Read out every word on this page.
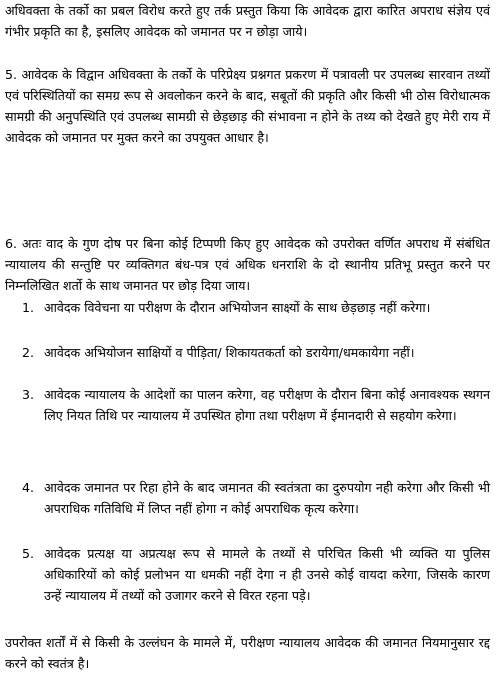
अधिवक्ता के तर्को का प्रबल विरोध करते हुए तर्क प्रस्तुत किया कि आवेदक द्वारा कारित अपराध संज्ञेय एवं गंभीर प्रकृति का है, इसलिए आवेदक को जमानत पर न छोड़ा जाये।

5. आवेदक के विद्वान अधिवक्ता के तर्को के परिप्रेक्ष्य प्रश्नगत प्रकरण में पत्रावली पर उपलब्ध सारवान तथ्यों एवं परिस्थितियों का समग्र रूप से अवलोकन करने के बाद, सबूतों की प्रकृति और किसी भी ठोस विरोधात्मक सामग्री की अनुपस्थिति एवं उपलब्ध सामग्री से छेड़छाड़ की संभावना न होने के तथ्य को देखते हुए मेरी राय में आवेदक को जमानत पर मुक्त करने का उपयुक्त आधार है।

6. अतः वाद के गुण दोष पर बिना कोई टिप्पणी किए हुए आवेदक को उपरोक्त वर्णित अपराध में संबंधित न्यायालय की सन्तुष्टि पर व्यक्तिगत बंध-पत्र एवं अधिक धनराशि के दो स्थानीय प्रतिभू प्रस्तुत करने पर निम्नलिखित शर्तो के साथ जमानत पर छोड़ दिया जाय।

1. आवेदक विवेचना या परीक्षण के दौरान अभियोजन साक्ष्यों के साथ छेड़छाड़ नहीं करेगा।
2. आवेदक अभियोजन साक्षियों व पीड़िता/ शिकायतकर्ता को डरायेगा/धमकायेगा नहीं।
3. आवेदक न्यायालय के आदेशों का पालन करेगा, वह परीक्षण के दौरान बिना कोई अनावश्यक स्थगन लिए नियत तिथि पर न्यायालय में उपस्थित होगा तथा परीक्षण में ईमानदारी से सहयोग करेगा।
4. आवेदक जमानत पर रिहा होने के बाद जमानत की स्वतंत्रता का दुरुपयोग नही करेगा और किसी भी अपराधिक गतिविधि में लिप्त नहीं होगा न कोई अपराधिक कृत्य करेगा।
5. आवेदक प्रत्यक्ष या अप्रत्यक्ष रूप से मामले के तथ्यों से परिचित किसी भी व्यक्ति या पुलिस अधिकारियों को कोई प्रलोभन या धमकी नहीं देगा न ही उनसे कोई वायदा करेगा, जिसके कारण उन्हें न्यायालय में तथ्यों को उजागर करने से विरत रहना पड़े।

उपरोक्त शर्तों में से किसी के उल्लंघन के मामले में, परीक्षण न्यायालय आवेदक की जमानत नियमानुसार रद्द करने को स्वतंत्र है।
